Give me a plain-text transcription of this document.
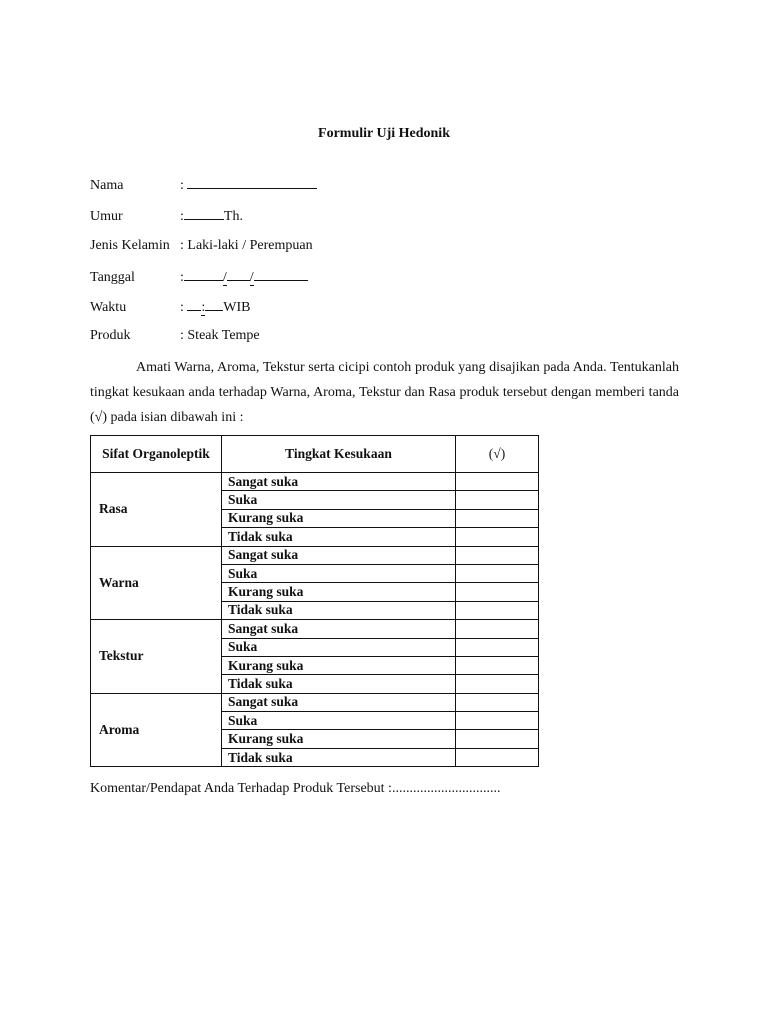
Formulir Uji Hedonik
Nama	:
Umur	:	Th.
Jenis Kelamin : Laki-laki / Perempuan
Tanggal	:	/ /
Waktu	: : WIB
Produk	: Steak Tempe

Amati Warna, Aroma, Tekstur serta cicipi contoh produk yang disajikan pada Anda. Tentukanlah tingkat kesukaan anda terhadap Warna, Aroma, Tekstur dan Rasa produk tersebut dengan memberi tanda (√) pada isian dibawah ini :

Sifat Organoleptik	Tingkat Kesukaan	(√)
Rasa	Sangat suka	
	Suka	
	Kurang suka	
	Tidak suka	
Warna	Sangat suka	
	Suka	
	Kurang suka	
	Tidak suka	
Tekstur	Sangat suka	
	Suka	
	Kurang suka	
	Tidak suka	
Aroma	Sangat suka	
	Suka	
	Kurang suka	
	Tidak suka	
Komentar/Pendapat Anda Terhadap Produk Tersebut :...............................
